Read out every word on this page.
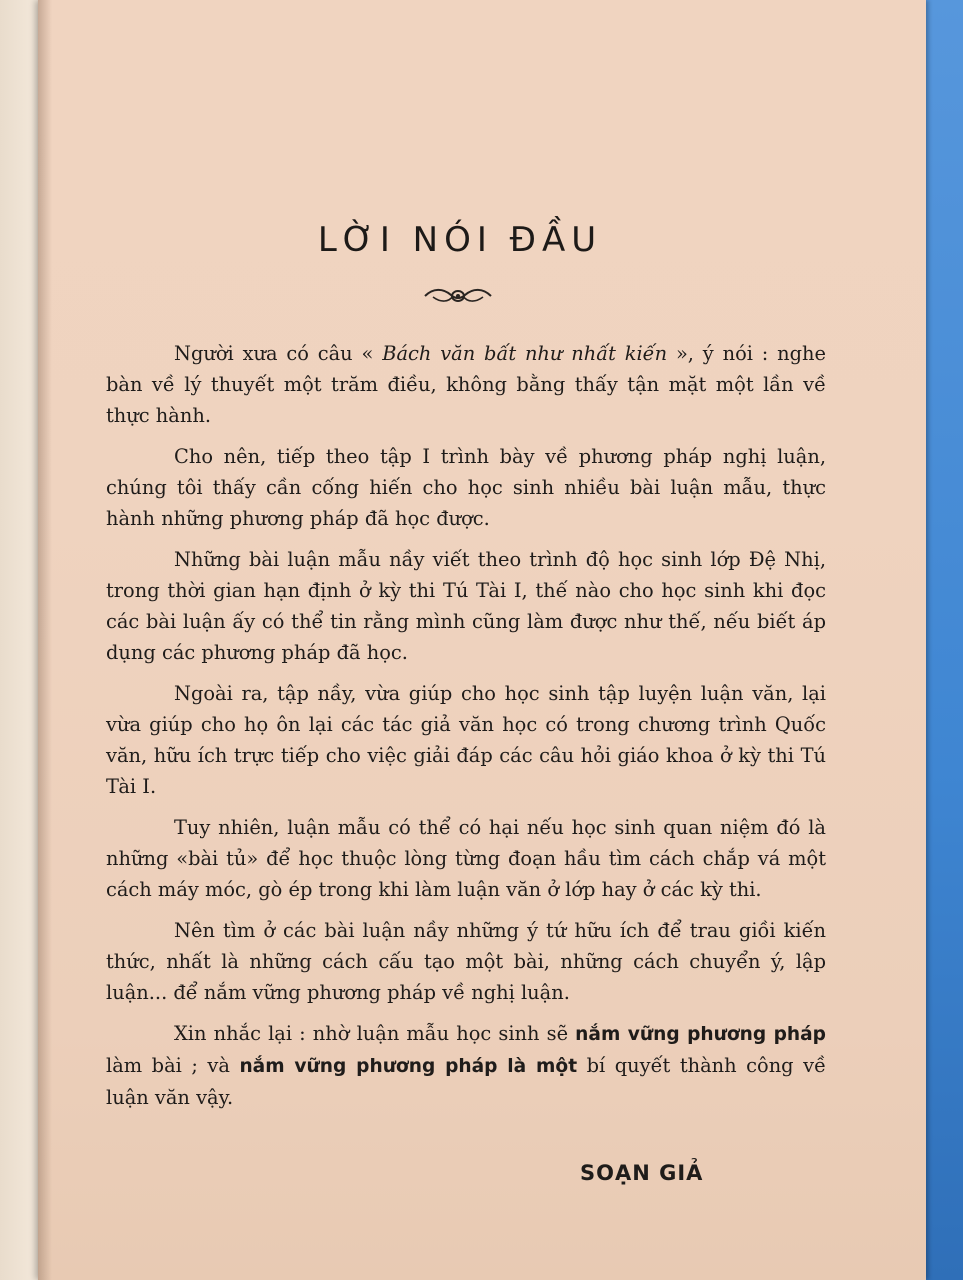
LỜI NÓI ĐẦU

Người xưa có câu « Bách văn bất như nhất kiến », ý nói : nghe bàn về lý thuyết một trăm điều, không bằng thấy tận mặt một lần về thực hành.

Cho nên, tiếp theo tập I trình bày về phương pháp nghị luận, chúng tôi thấy cần cống hiến cho học sinh nhiều bài luận mẫu, thực hành những phương pháp đã học được.

Những bài luận mẫu nầy viết theo trình độ học sinh lớp Đệ Nhị, trong thời gian hạn định ở kỳ thi Tú Tài I, thế nào cho học sinh khi đọc các bài luận ấy có thể tin rằng mình cũng làm được như thế, nếu biết áp dụng các phương pháp đã học.

Ngoài ra, tập nầy, vừa giúp cho học sinh tập luyện luận văn, lại vừa giúp cho họ ôn lại các tác giả văn học có trong chương trình Quốc văn, hữu ích trực tiếp cho việc giải đáp các câu hỏi giáo khoa ở kỳ thi Tú Tài I.

Tuy nhiên, luận mẫu có thể có hại nếu học sinh quan niệm đó là những «bài tủ» để học thuộc lòng từng đoạn hầu tìm cách chắp vá một cách máy móc, gò ép trong khi làm luận văn ở lớp hay ở các kỳ thi.

Nên tìm ở các bài luận nầy những ý tứ hữu ích để trau giồi kiến thức, nhất là những cách cấu tạo một bài, những cách chuyển ý, lập luận... để nắm vững phương pháp về nghị luận.

Xin nhắc lại : nhờ luận mẫu học sinh sẽ nắm vững phương pháp làm bài ; và nắm vững phương pháp là một bí quyết thành công về luận văn vậy.

SOẠN GIẢ
